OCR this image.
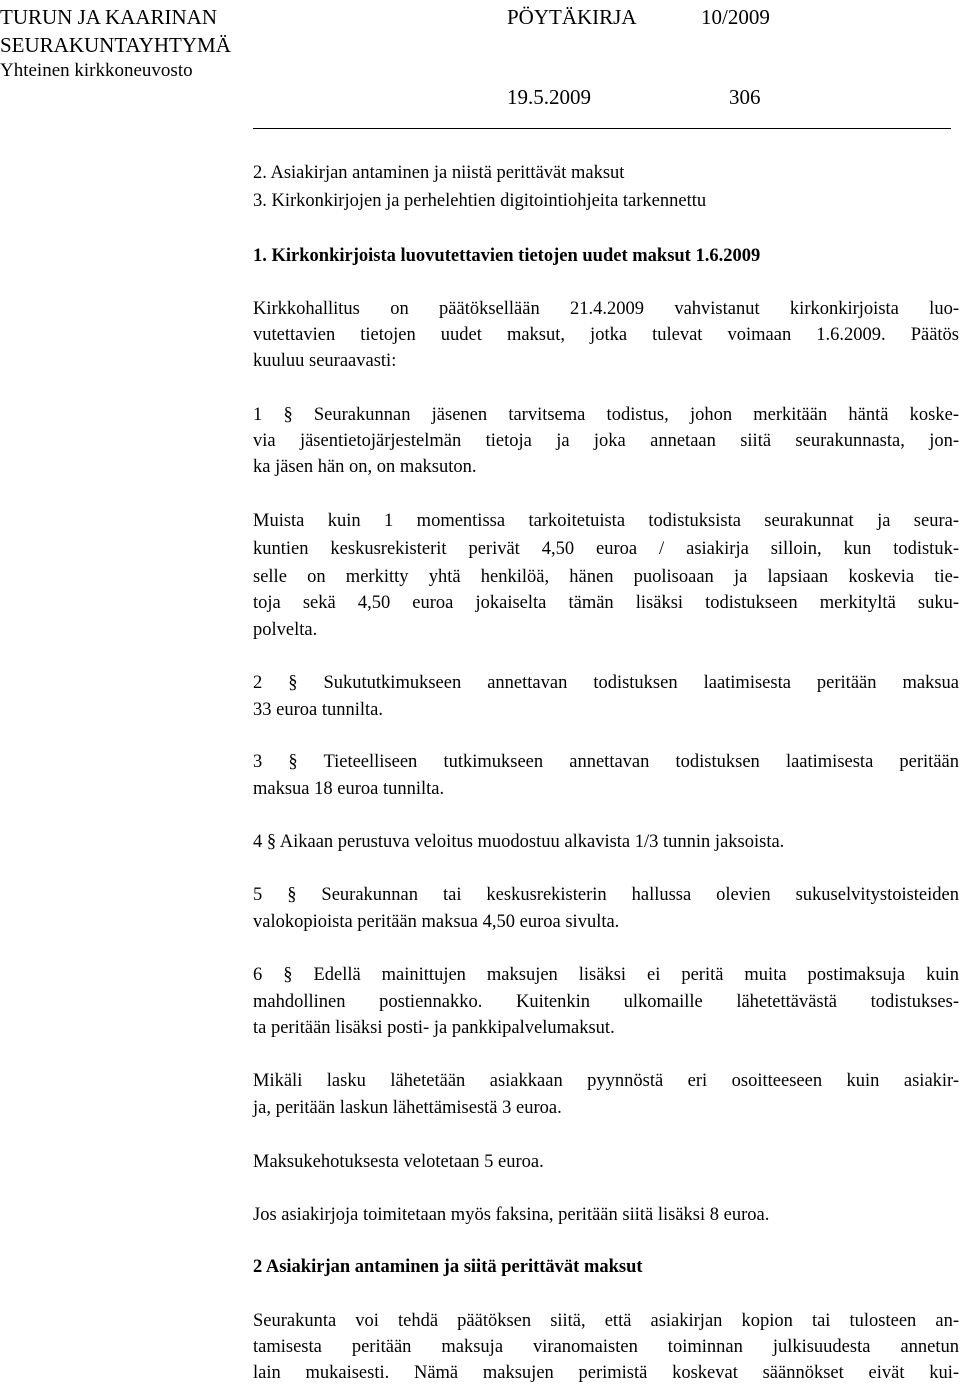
TURUN JA KAARINAN
SEURAKUNTAYHTYMÄ
Yhteinen kirkkoneuvosto
PÖYTÄKIRJA	10/2009
19.5.2009	306
2. Asiakirjan antaminen ja niistä perittävät maksut
3. Kirkonkirjojen ja perhelehtien digitointiohjeita tarkennettu
1. Kirkonkirjoista luovutettavien tietojen uudet maksut 1.6.2009
Kirkkohallitus on päätöksellään 21.4.2009 vahvistanut kirkonkirjoista luo-
vutettavien tietojen uudet maksut, jotka tulevat voimaan 1.6.2009. Päätös
kuuluu seuraavasti:
1 § Seurakunnan jäsenen tarvitsema todistus, johon merkitään häntä koske-
via jäsentietojärjestelmän tietoja ja joka annetaan siitä seurakunnasta, jon-
ka jäsen hän on, on maksuton.
Muista kuin 1 momentissa tarkoitetuista todistuksista seurakunnat ja seura-
kuntien keskusrekisterit perivät 4,50 euroa / asiakirja silloin, kun todistuk-
selle on merkitty yhtä henkilöä, hänen puolisoaan ja lapsiaan koskevia tie-
toja sekä 4,50 euroa jokaiselta tämän lisäksi todistukseen merkityltä suku-
polvelta.
2 § Sukututkimukseen annettavan todistuksen laatimisesta peritään maksua
33 euroa tunnilta.
3 § Tieteelliseen tutkimukseen annettavan todistuksen laatimisesta peritään
maksua 18 euroa tunnilta.
4 § Aikaan perustuva veloitus muodostuu alkavista 1/3 tunnin jaksoista.
5 § Seurakunnan tai keskusrekisterin hallussa olevien sukuselvitystoisteiden
valokopioista peritään maksua 4,50 euroa sivulta.
6 § Edellä mainittujen maksujen lisäksi ei peritä muita postimaksuja kuin
mahdollinen postiennakko. Kuitenkin ulkomaille lähetettävästä todistukses-
ta peritään lisäksi posti- ja pankkipalvelumaksut.
Mikäli lasku lähetetään asiakkaan pyynnöstä eri osoitteeseen kuin asiakir-
ja, peritään laskun lähettämisestä 3 euroa.
Maksukehotuksesta velotetaan 5 euroa.
Jos asiakirjoja toimitetaan myös faksina, peritään siitä lisäksi 8 euroa.
2 Asiakirjan antaminen ja siitä perittävät maksut
Seurakunta voi tehdä päätöksen siitä, että asiakirjan kopion tai tulosteen an-
tamisesta peritään maksuja viranomaisten toiminnan julkisuudesta annetun
lain mukaisesti. Nämä maksujen perimistä koskevat säännökset eivät kui-
